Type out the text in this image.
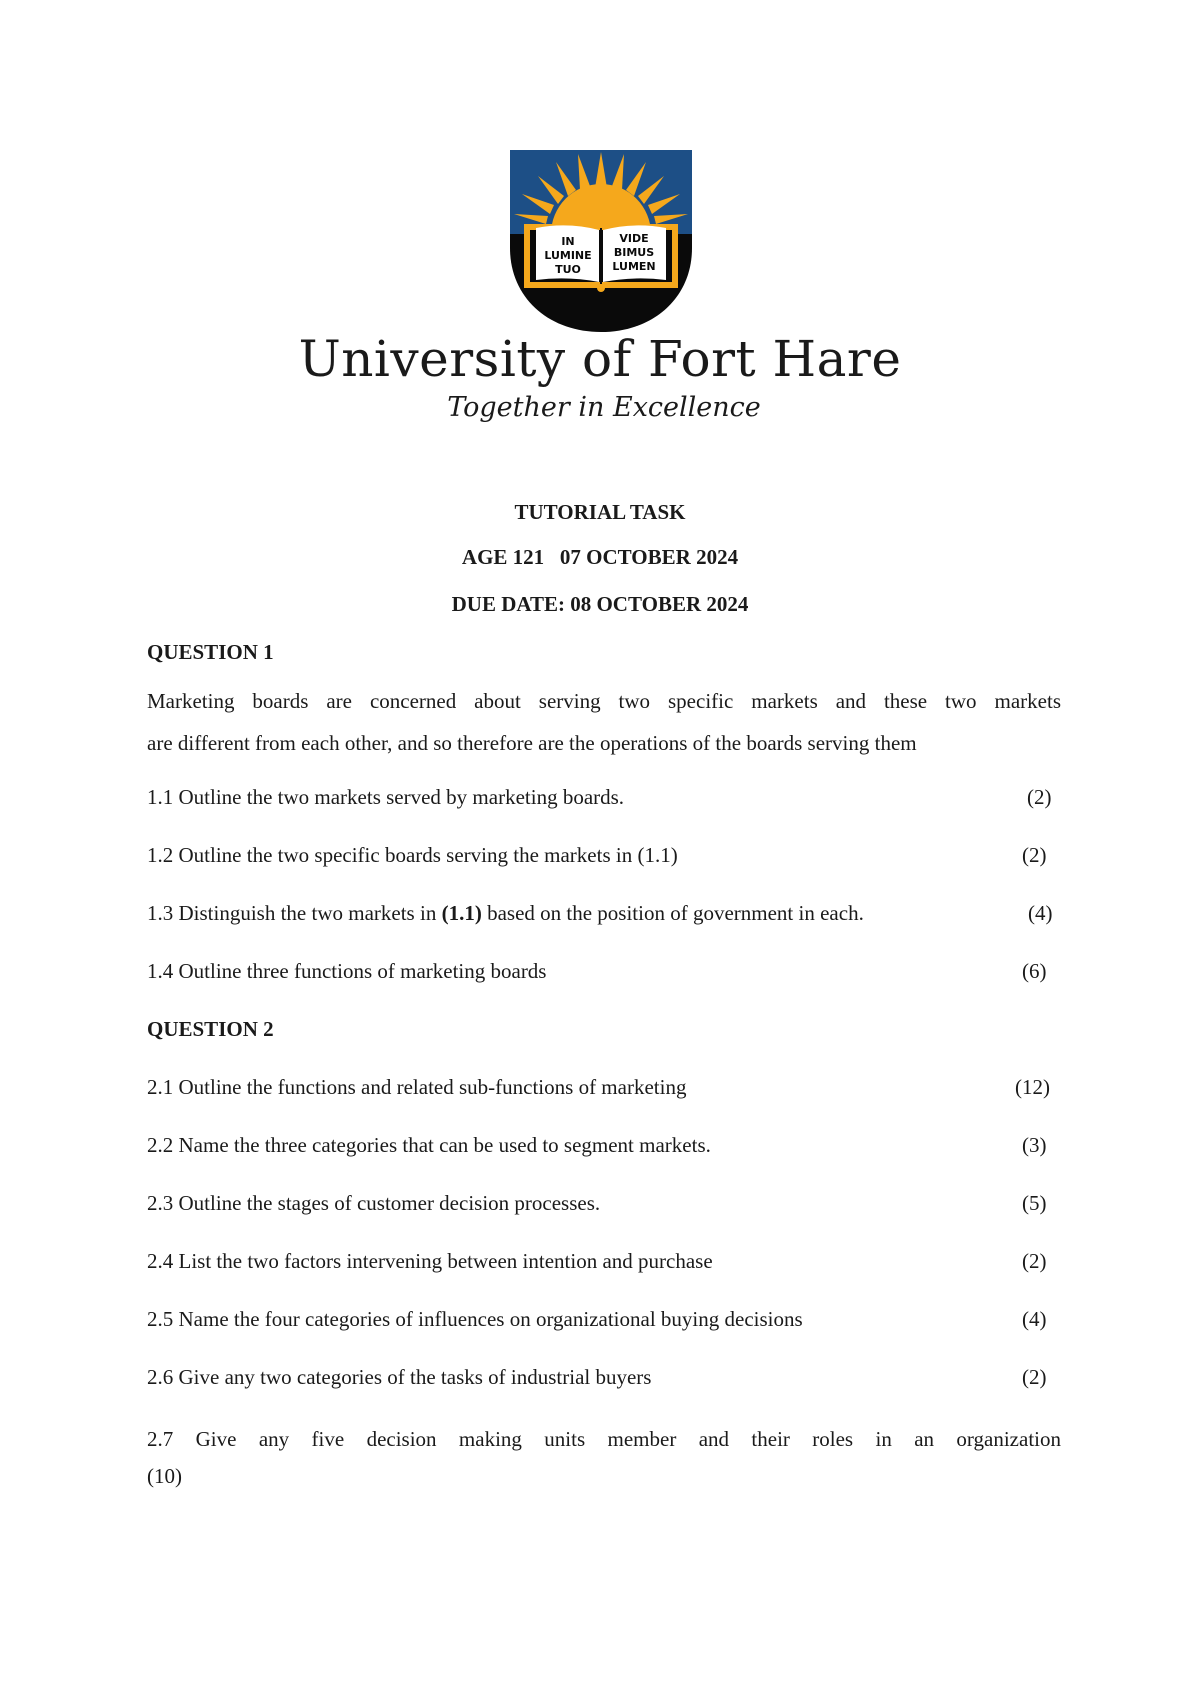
IN
LUMINE
TUO
VIDE
BIMUS
LUMEN
University of Fort Hare
Together in Excellence
TUTORIAL TASK
AGE 121   07 OCTOBER 2024
DUE DATE: 08 OCTOBER 2024
QUESTION 1
Marketing boards are concerned about serving two specific markets and these two markets
are different from each other, and so therefore are the operations of the boards serving them
1.1 Outline the two markets served by marketing boards.	(2)
1.2 Outline the two specific boards serving the markets in (1.1)	(2)
1.3 Distinguish the two markets in (1.1) based on the position of government in each.	(4)
1.4 Outline three functions of marketing boards	(6)
QUESTION 2
2.1 Outline the functions and related sub-functions of marketing	(12)
2.2 Name the three categories that can be used to segment markets.	(3)
2.3 Outline the stages of customer decision processes.	(5)
2.4 List the two factors intervening between intention and purchase	(2)
2.5 Name the four categories of influences on organizational buying decisions	(4)
2.6 Give any two categories of the tasks of industrial buyers	(2)
2.7 Give any five decision making units member and their roles in an organization
(10)
